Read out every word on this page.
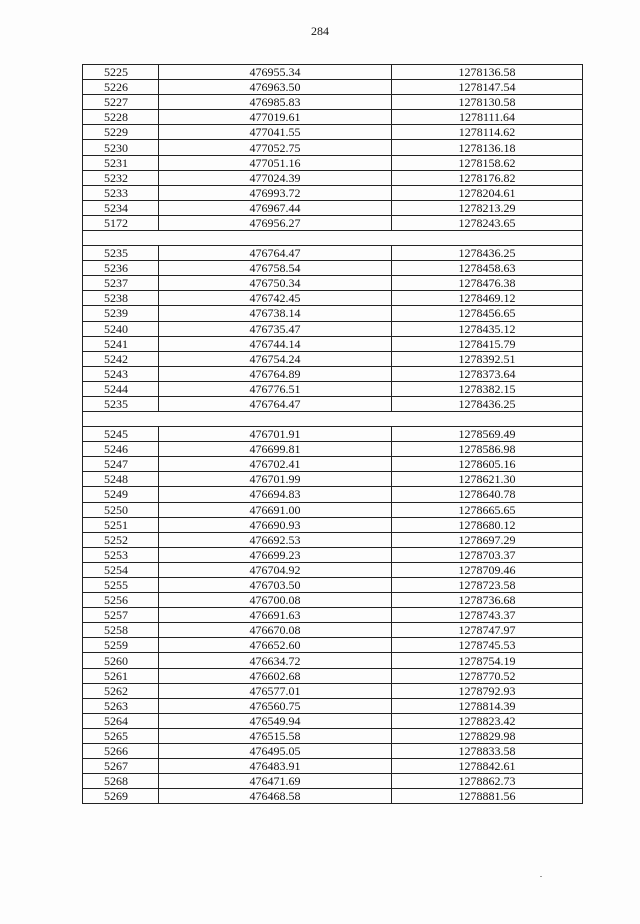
284
5225	476955.34	1278136.58
5226	476963.50	1278147.54
5227	476985.83	1278130.58
5228	477019.61	1278111.64
5229	477041.55	1278114.62
5230	477052.75	1278136.18
5231	477051.16	1278158.62
5232	477024.39	1278176.82
5233	476993.72	1278204.61
5234	476967.44	1278213.29
5172	476956.27	1278243.65

5235	476764.47	1278436.25
5236	476758.54	1278458.63
5237	476750.34	1278476.38
5238	476742.45	1278469.12
5239	476738.14	1278456.65
5240	476735.47	1278435.12
5241	476744.14	1278415.79
5242	476754.24	1278392.51
5243	476764.89	1278373.64
5244	476776.51	1278382.15
5235	476764.47	1278436.25

5245	476701.91	1278569.49
5246	476699.81	1278586.98
5247	476702.41	1278605.16
5248	476701.99	1278621.30
5249	476694.83	1278640.78
5250	476691.00	1278665.65
5251	476690.93	1278680.12
5252	476692.53	1278697.29
5253	476699.23	1278703.37
5254	476704.92	1278709.46
5255	476703.50	1278723.58
5256	476700.08	1278736.68
5257	476691.63	1278743.37
5258	476670.08	1278747.97
5259	476652.60	1278745.53
5260	476634.72	1278754.19
5261	476602.68	1278770.52
5262	476577.01	1278792.93
5263	476560.75	1278814.39
5264	476549.94	1278823.42
5265	476515.58	1278829.98
5266	476495.05	1278833.58
5267	476483.91	1278842.61
5268	476471.69	1278862.73
5269	476468.58	1278881.56
